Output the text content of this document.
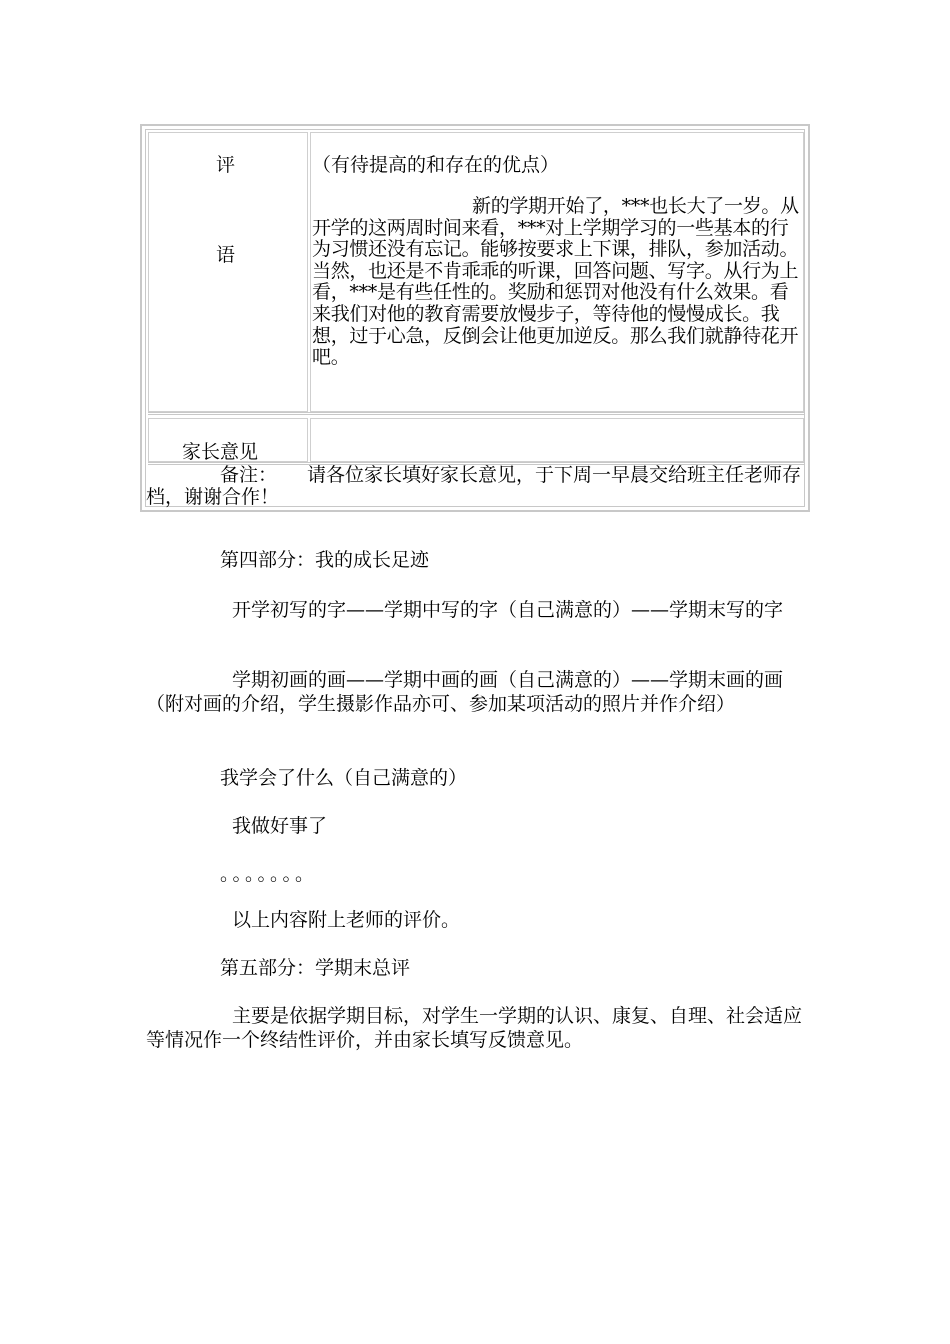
评
语
（有待提高的和存在的优点）
新的学期开始了，***也长大了一岁。从开学的这两周时间来看，***对上学期学习的一些基本的行为习惯还没有忘记。能够按要求上下课，排队，参加活动。当然，也还是不肯乖乖的听课，回答问题、写字。从行为上看，***是有些任性的。奖励和惩罚对他没有什么效果。看来我们对他的教育需要放慢步子，等待他的慢慢成长。我想，过于心急，反倒会让他更加逆反。那么我们就静待花开吧。
家长意见
备注： 请各位家长填好家长意见，于下周一早晨交给班主任老师存档，谢谢合作！
第四部分：我的成长足迹
开学初写的字——学期中写的字（自己满意的）——学期末写的字
学期初画的画——学期中画的画（自己满意的）——学期末画的画（附对画的介绍，学生摄影作品亦可、参加某项活动的照片并作介绍）
我学会了什么（自己满意的）
我做好事了
。。。。。。。
以上内容附上老师的评价。
第五部分：学期末总评
主要是依据学期目标，对学生一学期的认识、康复、自理、社会适应等情况作一个终结性评价，并由家长填写反馈意见。
